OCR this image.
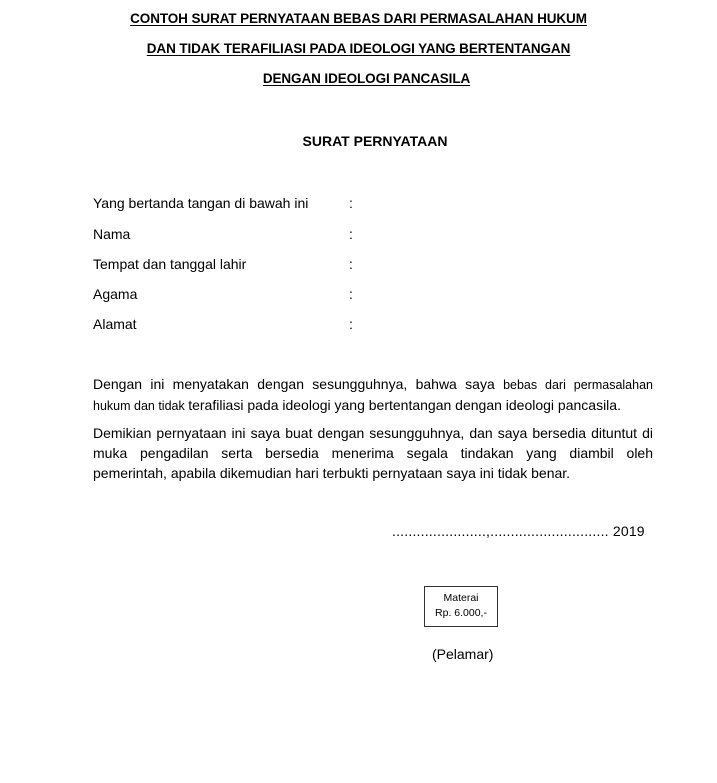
CONTOH SURAT PERNYATAAN BEBAS DARI PERMASALAHAN HUKUM
DAN TIDAK TERAFILIASI PADA IDEOLOGI YANG BERTENTANGAN
DENGAN IDEOLOGI PANCASILA
SURAT PERNYATAAN
Yang bertanda tangan di bawah ini	:
Nama	:
Tempat dan tanggal lahir	:
Agama	:
Alamat	:
Dengan ini menyatakan dengan sesungguhnya, bahwa saya bebas dari permasalahan
hukum dan tidak terafiliasi pada ideologi yang bertentangan dengan ideologi pancasila.
Demikian pernyataan ini saya buat dengan sesungguhnya, dan saya bersedia dituntut di
muka pengadilan serta bersedia menerima segala tindakan yang diambil oleh
pemerintah, apabila dikemudian hari terbukti pernyataan saya ini tidak benar.
.......................,............................. 2019
Materai
Rp. 6.000,-
(Pelamar)
